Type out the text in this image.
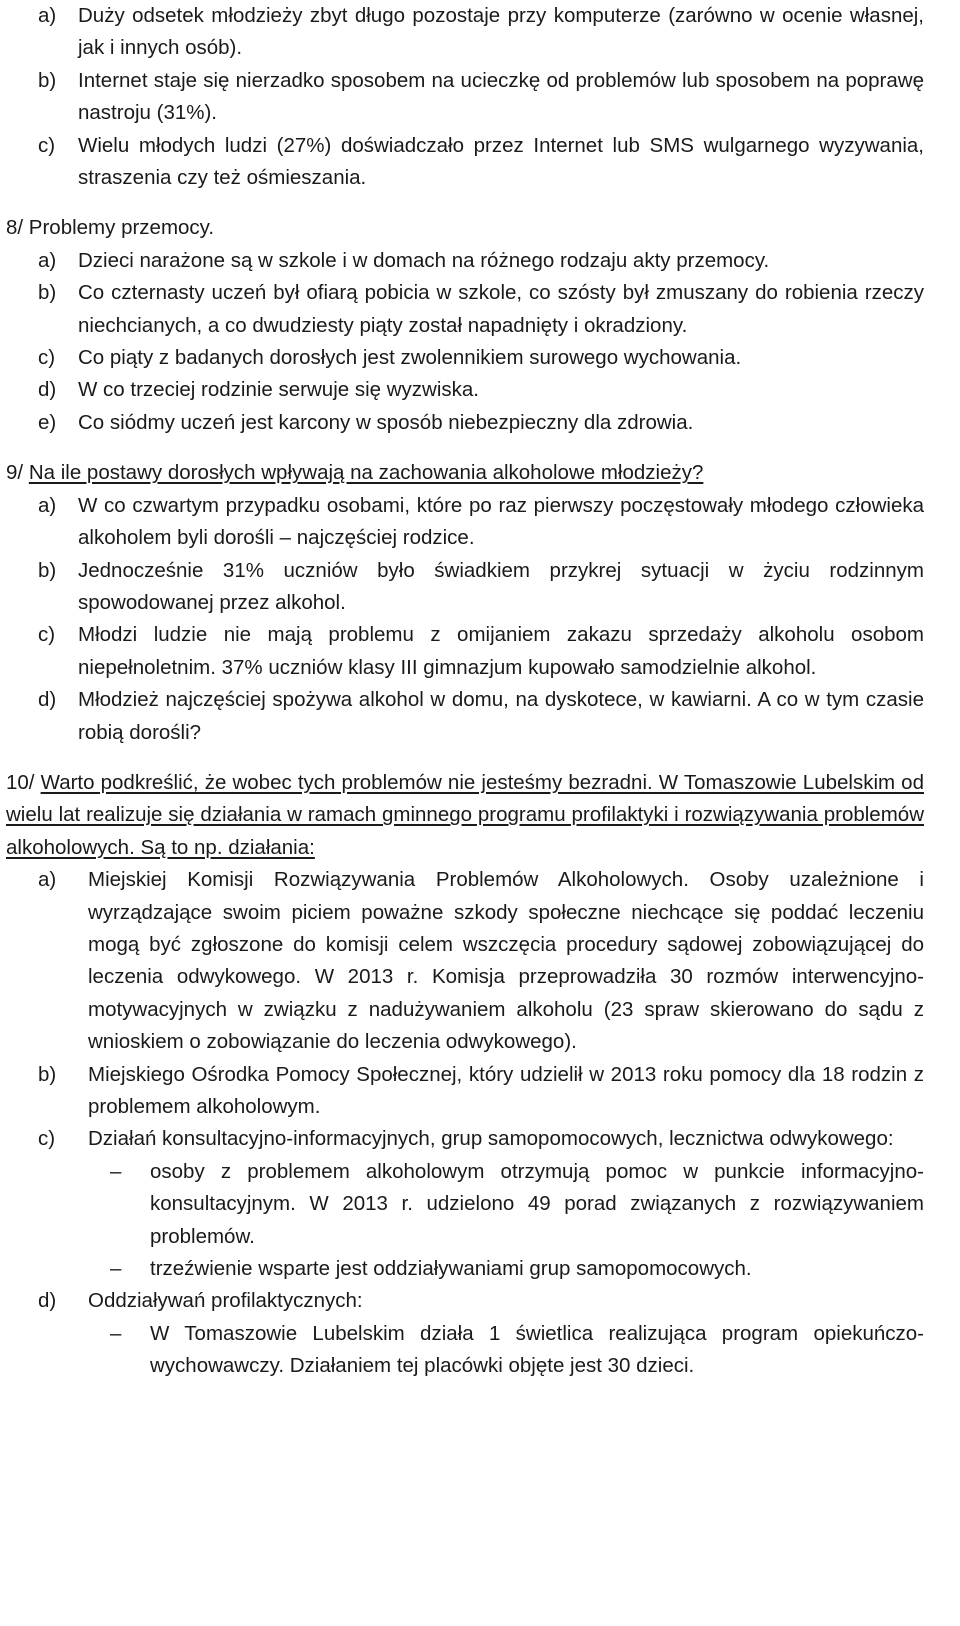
a) Duży odsetek młodzieży zbyt długo pozostaje przy komputerze (zarówno w ocenie własnej, jak i innych osób).

b) Internet staje się nierzadko sposobem na ucieczkę od problemów lub sposobem na poprawę nastroju (31%).

c) Wielu młodych ludzi (27%) doświadczało przez Internet lub SMS wulgarnego wyzywania, straszenia czy też ośmieszania.

8/ Problemy przemocy.

a) Dzieci narażone są w szkole i w domach na różnego rodzaju akty przemocy.

b) Co czternasty uczeń był ofiarą pobicia w szkole, co szósty był zmuszany do robienia rzeczy niechcianych, a co dwudziesty piąty został napadnięty i okradziony.

c) Co piąty z badanych dorosłych jest zwolennikiem surowego wychowania.

d) W co trzeciej rodzinie serwuje się wyzwiska.

e) Co siódmy uczeń jest karcony w sposób niebezpieczny dla zdrowia.

9/ Na ile postawy dorosłych wpływają na zachowania alkoholowe młodzieży?

a) W co czwartym przypadku osobami, które po raz pierwszy poczęstowały młodego człowieka alkoholem byli dorośli – najczęściej rodzice.

b) Jednocześnie 31% uczniów było świadkiem przykrej sytuacji w życiu rodzinnym spowodowanej przez alkohol.

c) Młodzi ludzie nie mają problemu z omijaniem zakazu sprzedaży alkoholu osobom niepełnoletnim. 37% uczniów klasy III gimnazjum kupowało samodzielnie alkohol.

d) Młodzież najczęściej spożywa alkohol w domu, na dyskotece, w kawiarni. A co w tym czasie robią dorośli?

10/ Warto podkreślić, że wobec tych problemów nie jesteśmy bezradni. W Tomaszowie Lubelskim od wielu lat realizuje się działania w ramach gminnego programu profilaktyki i rozwiązywania problemów alkoholowych. Są to np. działania:

a) Miejskiej Komisji Rozwiązywania Problemów Alkoholowych. Osoby uzależnione i wyrządzające swoim piciem poważne szkody społeczne niechcące się poddać leczeniu mogą być zgłoszone do komisji celem wszczęcia procedury sądowej zobowiązującej do leczenia odwykowego. W 2013 r. Komisja przeprowadziła 30 rozmów interwencyjno-motywacyjnych w związku z nadużywaniem alkoholu (23 spraw skierowano do sądu z wnioskiem o zobowiązanie do leczenia odwykowego).

b) Miejskiego Ośrodka Pomocy Społecznej, który udzielił w 2013 roku pomocy dla 18 rodzin z problemem alkoholowym.

c) Działań konsultacyjno-informacyjnych, grup samopomocowych, lecznictwa odwykowego:

– osoby z problemem alkoholowym otrzymują pomoc w punkcie informacyjno-konsultacyjnym. W 2013 r. udzielono 49 porad związanych z rozwiązywaniem problemów.

– trzeźwienie wsparte jest oddziaływaniami grup samopomocowych.

d) Oddziaływań profilaktycznych:

– W Tomaszowie Lubelskim działa 1 świetlica realizująca program opiekuńczo-wychowawczy. Działaniem tej placówki objęte jest 30 dzieci.
